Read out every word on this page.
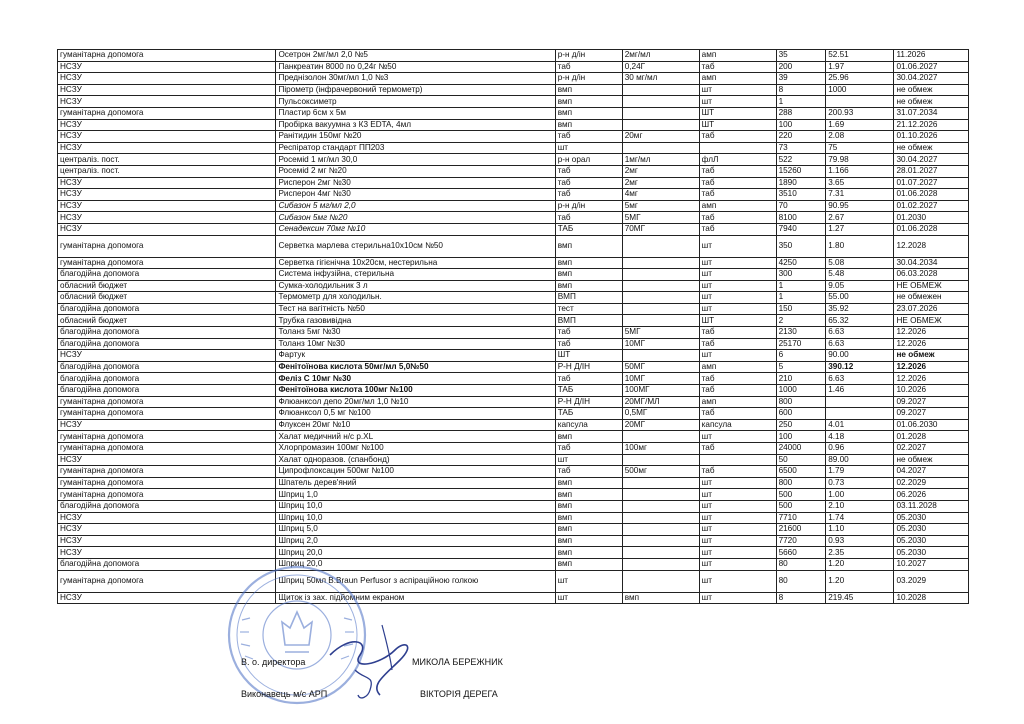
гуманітарна допомога	Осетрон 2мг/мл 2,0 №5	р-н д/ін	2мг/мл	амп	35	52.51	11.2026
НСЗУ	Панкреатин 8000 по 0,24г №50	таб	0,24Г	таб	200	1.97	01.06.2027
НСЗУ	Преднізолон 30мг/мл 1,0 №3	р-н д/ін	30 мг/мл	амп	39	25.96	30.04.2027
НСЗУ	Пірометр (інфрачервоний термометр)	вмп		шт	8	1000	не обмеж
НСЗУ	Пульсоксиметр	вмп		шт	1		не обмеж
гуманітарна допомога	Пластир 6см х 5м	вмп		ШТ	288	200.93	31.07.2034
НСЗУ	Пробірка вакуумна з К3 EDTA, 4мл	вмп		ШТ	100	1.69	21.12.2026
НСЗУ	Ранітидин 150мг №20	таб	20мг	таб	220	2.08	01.10.2026
НСЗУ	Респіратор стандарт ПП203	шт			73	75	не обмеж
централіз. пост.	Росеміd 1 мг/мл 30,0	р-н орал	1мг/мл	флЛ	522	79.98	30.04.2027
централіз. пост.	Росеміd 2 мг №20	таб	2мг	таб	15260	1.166	28.01.2027
НСЗУ	Рисперон 2мг №30	таб	2мг	таб	1890	3.65	01.07.2027
НСЗУ	Рисперон 4мг №30	таб	4мг	таб	3510	7.31	01.06.2028
НСЗУ	Сибазон 5 мг/мл 2,0	р-н д/ін	5мг	амп	70	90.95	01.02.2027
НСЗУ	Сибазон 5мг №20	таб	5МГ	таб	8100	2.67	01.2030
НСЗУ	Сенадексин 70мг №10	ТАБ	70МГ	таб	7940	1.27	01.06.2028
гуманітарна допомога	Серветка марлева стерильна10х10см №50	вмп		шт	350	1.80	12.2028
гуманітарна допомога	Серветка гігієнічна 10х20см, нестерильна	вмп		шт	4250	5.08	30.04.2034
благодійна допомога	Система інфузійна, стерильна	вмп		шт	300	5.48	06.03.2028
обласний бюджет	Сумка-холодильник 3 л	вмп		шт	1	9.05	НЕ ОБМЕЖ
обласний бюджет	Термометр для холодильн.	ВМП		шт	1	55.00	не обмежен
благодійна допомога	Тест на вагітність №50	тест		шт	150	35.92	23.07.2026
обласний бюджет	Трубка газовивідна	ВМП		ШТ	2	65.32	НЕ ОБМЕЖ
благодійна допомога	Толанз 5мг №30	таб	5МГ	таб	2130	6.63	12.2026
благодійна допомога	Толанз 10мг №30	таб	10МГ	таб	25170	6.63	12.2026
НСЗУ	Фартук	ШТ		шт	6	90.00	не обмеж
благодійна допомога	Фенітоїнова кислота 50мг/мл 5,0№50	Р-Н Д/ІН	50МГ	амп	5	390.12	12.2026
благодійна допомога	Феліз С 10мг №30	таб	10МГ	таб	210	6.63	12.2026
благодійна допомога	Фенітоїнова кислота 100мг №100	ТАБ	100МГ	таб	1000	1.46	10.2026
гуманітарна допомога	Флюанксол депо 20мг/мл 1,0 №10	Р-Н Д/ІН	20МГ/МЛ	амп	800		09.2027
гуманітарна допомога	Флюанксол 0,5 мг №100	ТАБ	0,5МГ	таб	600		09.2027
НСЗУ	Флуксен 20мг №10	капсула	20МГ	капсула	250	4.01	01.06.2030
гуманітарна допомога	Халат медичний н/с р.XL	вмп		шт	100	4.18	01.2028
гуманітарна допомога	Хлорпромазин 100мг №100	таб	100мг	таб	24000	0.96	02.2027
НСЗУ	Халат одноразов. (спанбонд)	шт			50	89.00	не обмеж
гуманітарна допомога	Ципрофлоксацин 500мг №100	таб	500мг	таб	6500	1.79	04.2027
гуманітарна допомога	Шпатель дерев'яний	вмп		шт	800	0.73	02.2029
гуманітарна допомога	Шприц 1,0	вмп		шт	500	1.00	06.2026
благодійна допомога	Шприц 10,0	вмп		шт	500	2.10	03.11.2028
НСЗУ	Шприц 10,0	вмп		шт	7710	1.74	05.2030
НСЗУ	Шприц 5,0	вмп		шт	21600	1.10	05.2030
НСЗУ	Шприц 2,0	вмп		шт	7720	0.93	05.2030
НСЗУ	Шприц 20,0	вмп		шт	5660	2.35	05.2030
благодійна допомога	Шприц 20,0	вмп		шт	80	1.20	10.2027
гуманітарна допомога	Шприц 50мл B.Braun Perfusor з аспіраційною голкою	шт		шт	80	1.20	03.2029
НСЗУ	Щиток із зах. підйомним екраном	шт	вмп	шт	8	219.45	10.2028
В. о. директора	МИКОЛА БЕРЕЖНИК
Виконавець м/с АРП	ВІКТОРІЯ ДЕРЕГА
